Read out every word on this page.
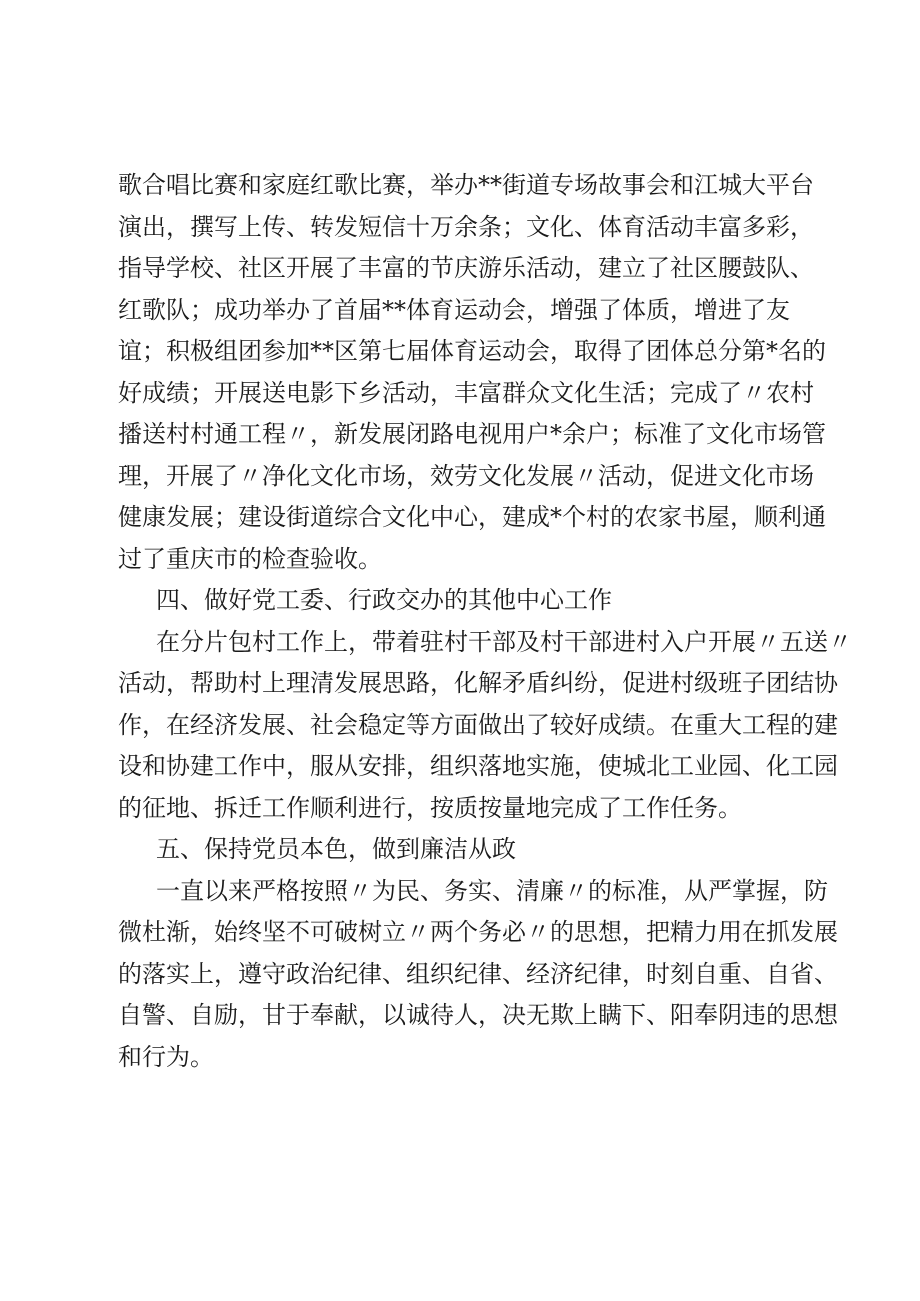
歌合唱比赛和家庭红歌比赛，举办**街道专场故事会和江城大平台
演出，撰写上传、转发短信十万余条；文化、体育活动丰富多彩，
指导学校、社区开展了丰富的节庆游乐活动，建立了社区腰鼓队、
红歌队；成功举办了首届**体育运动会，增强了体质，增进了友
谊；积极组团参加**区第七届体育运动会，取得了团体总分第*名的
好成绩；开展送电影下乡活动，丰富群众文化生活；完成了〃农村
播送村村通工程〃，新发展闭路电视用户*余户；标准了文化市场管
理，开展了〃净化文化市场，效劳文化发展〃活动，促进文化市场
健康发展；建设街道综合文化中心，建成*个村的农家书屋，顺利通
过了重庆市的检查验收。
四、做好党工委、行政交办的其他中心工作
在分片包村工作上，带着驻村干部及村干部进村入户开展〃五送〃
活动，帮助村上理清发展思路，化解矛盾纠纷，促进村级班子团结协
作，在经济发展、社会稳定等方面做出了较好成绩。在重大工程的建
设和协建工作中，服从安排，组织落地实施，使城北工业园、化工园
的征地、拆迁工作顺利进行，按质按量地完成了工作任务。
五、保持党员本色，做到廉洁从政
一直以来严格按照〃为民、务实、清廉〃的标准，从严掌握，防
微杜渐，始终坚不可破树立〃两个务必〃的思想，把精力用在抓发展
的落实上，遵守政治纪律、组织纪律、经济纪律，时刻自重、自省、
自警、自励，甘于奉献，以诚待人，决无欺上瞒下、阳奉阴违的思想
和行为。
